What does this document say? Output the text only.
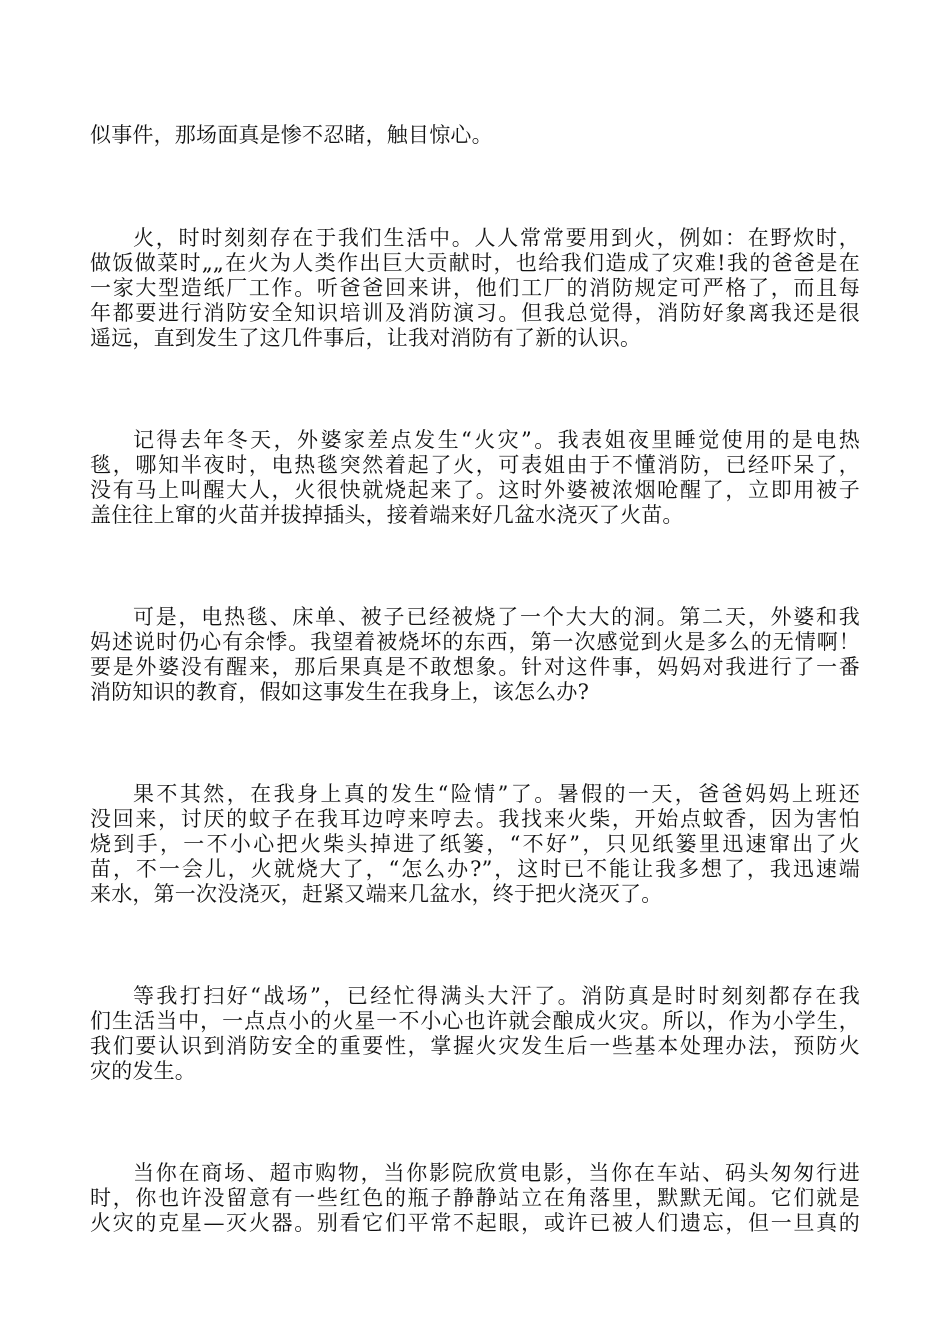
似事件，那场面真是惨不忍睹，触目惊心。
火，时时刻刻存在于我们生活中。人人常常要用到火，例如：在野炊时，
做饭做菜时„„在火为人类作出巨大贡献时，也给我们造成了灾难!我的爸爸是在
一家大型造纸厂工作。听爸爸回来讲，他们工厂的消防规定可严格了，而且每
年都要进行消防安全知识培训及消防演习。但我总觉得，消防好象离我还是很
遥远，直到发生了这几件事后，让我对消防有了新的认识。
记得去年冬天，外婆家差点发生“火灾”。我表姐夜里睡觉使用的是电热
毯，哪知半夜时，电热毯突然着起了火，可表姐由于不懂消防，已经吓呆了，
没有马上叫醒大人，火很快就烧起来了。这时外婆被浓烟呛醒了，立即用被子
盖住往上窜的火苗并拔掉插头，接着端来好几盆水浇灭了火苗。
可是，电热毯、床单、被子已经被烧了一个大大的洞。第二天，外婆和我
妈述说时仍心有余悸。我望着被烧坏的东西，第一次感觉到火是多么的无情啊！
要是外婆没有醒来，那后果真是不敢想象。针对这件事，妈妈对我进行了一番
消防知识的教育，假如这事发生在我身上，该怎么办?
果不其然，在我身上真的发生“险情”了。暑假的一天，爸爸妈妈上班还
没回来，讨厌的蚊子在我耳边哼来哼去。我找来火柴，开始点蚊香，因为害怕
烧到手，一不小心把火柴头掉进了纸篓，“不好”，只见纸篓里迅速窜出了火
苗，不一会儿，火就烧大了，“怎么办?”，这时已不能让我多想了，我迅速端
来水，第一次没浇灭，赶紧又端来几盆水，终于把火浇灭了。
等我打扫好“战场”，已经忙得满头大汗了。消防真是时时刻刻都存在我
们生活当中，一点点小的火星一不小心也许就会酿成火灾。所以，作为小学生，
我们要认识到消防安全的重要性，掌握火灾发生后一些基本处理办法，预防火
灾的发生。
当你在商场、超市购物，当你影院欣赏电影，当你在车站、码头匆匆行进
时，你也许没留意有一些红色的瓶子静静站立在角落里，默默无闻。它们就是
火灾的克星—灭火器。别看它们平常不起眼，或许已被人们遗忘，但一旦真的
